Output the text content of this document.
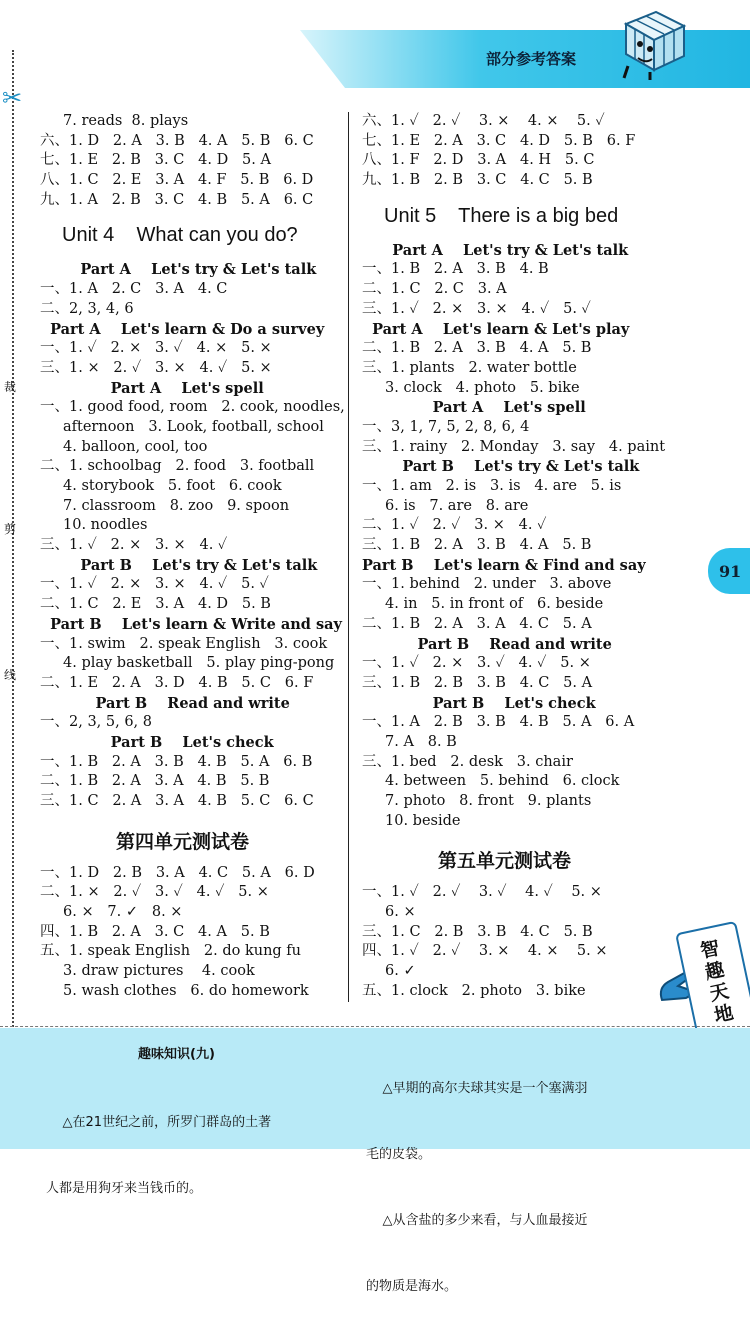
部分参考答案
✂
裁
剪
线
91
7. reads  8. plays
六、1. D   2. A   3. B   4. A   5. B   6. C
七、1. E   2. B   3. C   4. D   5. A
八、1. C   2. E   3. A   4. F   5. B   6. D
九、1. A   2. B   3. C   4. B   5. A   6. C
Unit 4    What can you do?
Part A    Let's try & Let's talk
一、1. A   2. C   3. A   4. C
二、2, 3, 4, 6
Part A    Let's learn & Do a survey
一、1. ✓   2. ×   3. ✓   4. ×   5. ×
三、1. ×   2. ✓   3. ×   4. ✓   5. ×
Part A    Let's spell
一、1. good food, room   2. cook, noodles,
afternoon   3. Look, football, school
4. balloon, cool, too
二、1. schoolbag   2. food   3. football
4. storybook   5. foot   6. cook
7. classroom   8. zoo   9. spoon
10. noodles
三、1. ✓   2. ×   3. ×   4. ✓
Part B    Let's try & Let's talk
一、1. ✓   2. ×   3. ×   4. ✓   5. ✓
二、1. C   2. E   3. A   4. D   5. B
Part B    Let's learn & Write and say
一、1. swim   2. speak English   3. cook
4. play basketball   5. play ping-pong
二、1. E   2. A   3. D   4. B   5. C   6. F
Part B    Read and write
一、2, 3, 5, 6, 8
Part B    Let's check
一、1. B   2. A   3. B   4. B   5. A   6. B
二、1. B   2. A   3. A   4. B   5. B
三、1. C   2. A   3. A   4. B   5. C   6. C
第四单元测试卷
一、1. D   2. B   3. A   4. C   5. A   6. D
二、1. ×   2. ✓   3. ✓   4. ✓   5. ×
6. ×   7. ✓   8. ×
四、1. B   2. A   3. C   4. A   5. B
五、1. speak English   2. do kung fu
3. draw pictures    4. cook
5. wash clothes   6. do homework
六、1. ✓   2. ✓    3. ×    4. ×    5. ✓
七、1. E   2. A   3. C   4. D   5. B   6. F
八、1. F   2. D   3. A   4. H   5. C
九、1. B   2. B   3. C   4. C   5. B
Unit 5    There is a big bed
Part A    Let's try & Let's talk
一、1. B   2. A   3. B   4. B
二、1. C   2. C   3. A
三、1. ✓   2. ×   3. ×   4. ✓   5. ✓
Part A    Let's learn & Let's play
二、1. B   2. A   3. B   4. A   5. B
三、1. plants   2. water bottle
3. clock   4. photo   5. bike
Part A    Let's spell
一、3, 1, 7, 5, 2, 8, 6, 4
三、1. rainy   2. Monday   3. say   4. paint
Part B    Let's try & Let's talk
一、1. am   2. is   3. is   4. are   5. is
6. is   7. are   8. are
二、1. ✓   2. ✓   3. ×   4. ✓
三、1. B   2. A   3. B   4. A   5. B
Part B    Let's learn & Find and say
一、1. behind   2. under   3. above
4. in   5. in front of   6. beside
二、1. B   2. A   3. A   4. C   5. A
Part B    Read and write
一、1. ✓   2. ×   3. ✓   4. ✓   5. ×
三、1. B   2. B   3. B   4. C   5. A
Part B    Let's check
一、1. A   2. B   3. B   4. B   5. A   6. A
7. A   8. B
三、1. bed   2. desk   3. chair
4. between   5. behind   6. clock
7. photo   8. front   9. plants
10. beside
第五单元测试卷
一、1. ✓   2. ✓    3. ✓    4. ✓    5. ×
6. ×
三、1. C   2. B   3. B   4. C   5. B
四、1. ✓   2. ✓    3. ×    4. ×    5. ×
6. ✓
五、1. clock   2. photo   3. bike
智趣天地
趣味知识(九)

△在21世纪之前，所罗门群岛的土著

人都是用狗牙来当钱币的。

△早期的高尔夫球其实是一个塞满羽

毛的皮袋。

△从含盐的多少来看，与人血最接近

的物质是海水。
